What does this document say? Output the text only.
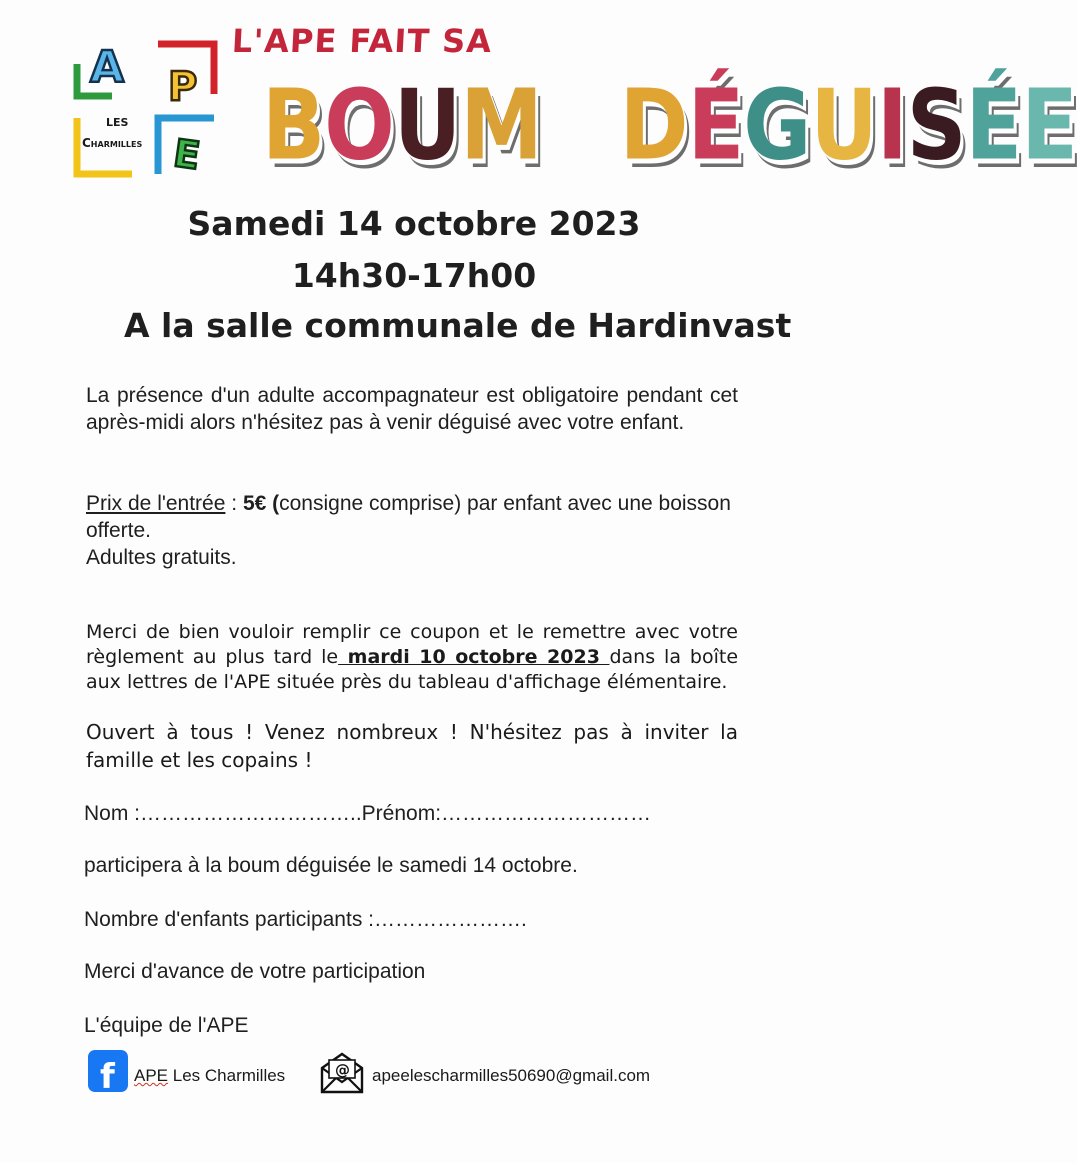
A P
E
LES
Charmilles
L'APE FAIT SA
BOUM DÉGUISÉE
Samedi 14 octobre 2023
14h30-17h00
A la salle communale de Hardinvast
La présence d'un adulte accompagnateur est obligatoire pendant cet après-midi alors n'hésitez pas à venir déguisé avec votre enfant.
Prix de l'entrée : 5€ (consigne comprise) par enfant avec une boisson offerte.
Adultes gratuits.
Merci de bien vouloir remplir ce coupon et le remettre avec votre règlement au plus tard le mardi 10 octobre 2023 dans la boîte aux lettres de l'APE située près du tableau d'affichage élémentaire.
Ouvert à tous ! Venez nombreux ! N'hésitez pas à inviter la famille et les copains !
Nom :…………………………..Prénom:…………………………
participera à la boum déguisée le samedi 14 octobre.
Nombre d'enfants participants :………………….
Merci d'avance de votre participation
L'équipe de l'APE
f APE Les Charmilles	@ apeelescharmilles50690@gmail.com
